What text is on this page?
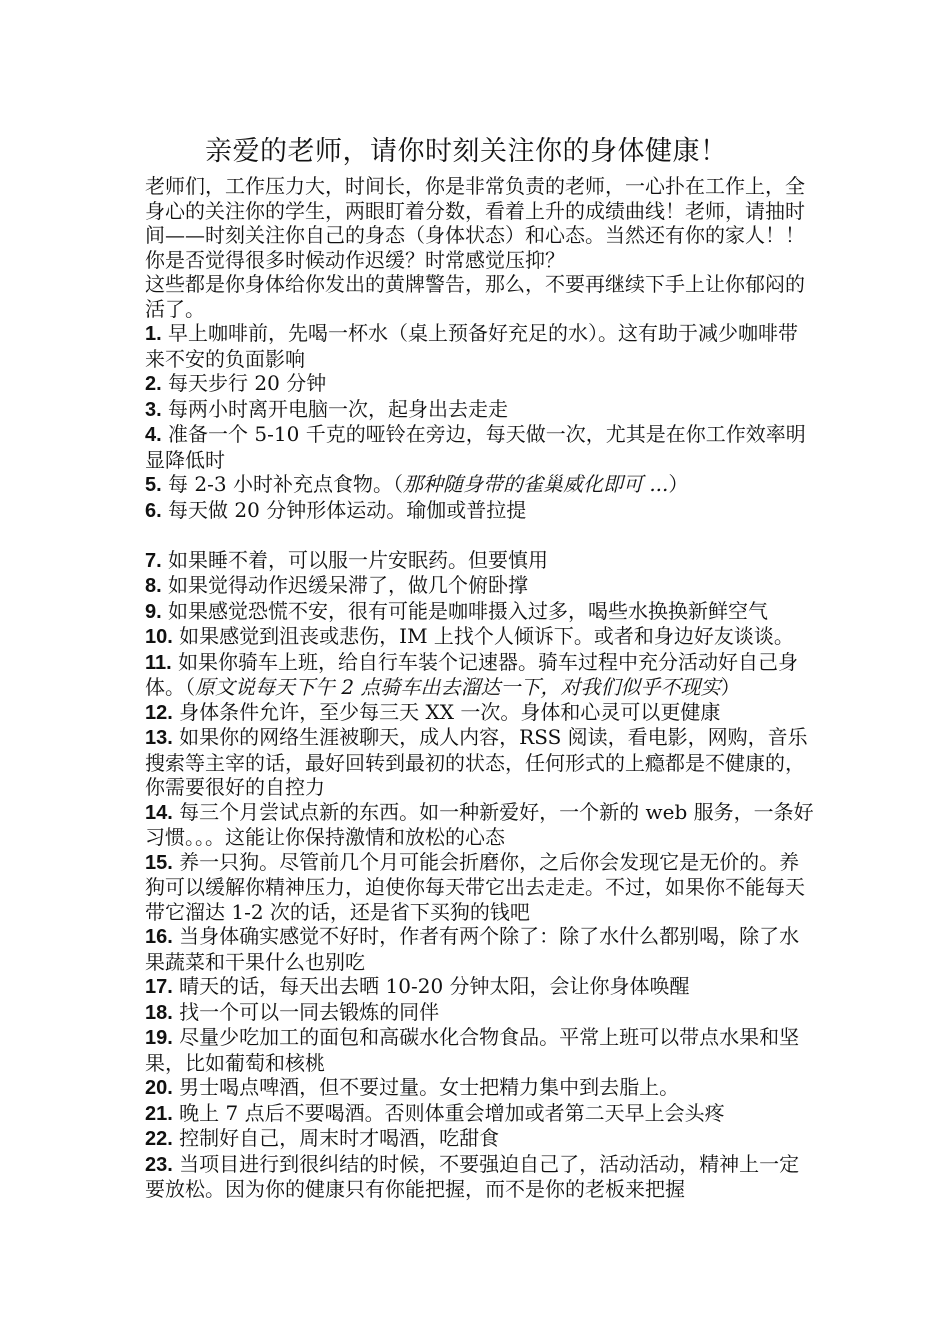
亲爱的老师，请你时刻关注你的身体健康！

老师们，工作压力大，时间长，你是非常负责的老师，一心扑在工作上，全身心的关注你的学生，两眼盯着分数，看着上升的成绩曲线！老师，请抽时间——时刻关注你自己的身态（身体状态）和心态。当然还有你的家人！！

你是否觉得很多时候动作迟缓？时常感觉压抑？

这些都是你身体给你发出的黄牌警告，那么，不要再继续下手上让你郁闷的活了。

1. 早上咖啡前，先喝一杯水（桌上预备好充足的水）。这有助于减少咖啡带来不安的负面影响

2. 每天步行 20 分钟

3. 每两小时离开电脑一次，起身出去走走

4. 准备一个 5-10 千克的哑铃在旁边，每天做一次，尤其是在你工作效率明显降低时

5. 每 2-3 小时补充点食物。（那种随身带的雀巢威化即可 ...）

6. 每天做 20 分钟形体运动。瑜伽或普拉提

7. 如果睡不着，可以服一片安眠药。但要慎用

8. 如果觉得动作迟缓呆滞了，做几个俯卧撑

9. 如果感觉恐慌不安，很有可能是咖啡摄入过多，喝些水换换新鲜空气

10. 如果感觉到沮丧或悲伤，IM 上找个人倾诉下。或者和身边好友谈谈。

11. 如果你骑车上班，给自行车装个记速器。骑车过程中充分活动好自己身体。（原文说每天下午 2 点骑车出去溜达一下，对我们似乎不现实）

12. 身体条件允许，至少每三天 XX 一次。身体和心灵可以更健康

13. 如果你的网络生涯被聊天，成人内容，RSS 阅读，看电影，网购，音乐搜索等主宰的话，最好回转到最初的状态，任何形式的上瘾都是不健康的，你需要很好的自控力

14. 每三个月尝试点新的东西。如一种新爱好，一个新的 web 服务，一条好习惯。。。这能让你保持激情和放松的心态

15. 养一只狗。尽管前几个月可能会折磨你，之后你会发现它是无价的。养狗可以缓解你精神压力，迫使你每天带它出去走走。不过，如果你不能每天带它溜达 1-2 次的话，还是省下买狗的钱吧

16. 当身体确实感觉不好时，作者有两个除了：除了水什么都别喝，除了水果蔬菜和干果什么也别吃

17. 晴天的话，每天出去晒 10-20 分钟太阳，会让你身体唤醒

18. 找一个可以一同去锻炼的同伴

19. 尽量少吃加工的面包和高碳水化合物食品。平常上班可以带点水果和坚果，比如葡萄和核桃

20. 男士喝点啤酒，但不要过量。女士把精力集中到去脂上。

21. 晚上 7 点后不要喝酒。否则体重会增加或者第二天早上会头疼

22. 控制好自己，周末时才喝酒，吃甜食

23. 当项目进行到很纠结的时候，不要强迫自己了，活动活动，精神上一定要放松。因为你的健康只有你能把握，而不是你的老板来把握
